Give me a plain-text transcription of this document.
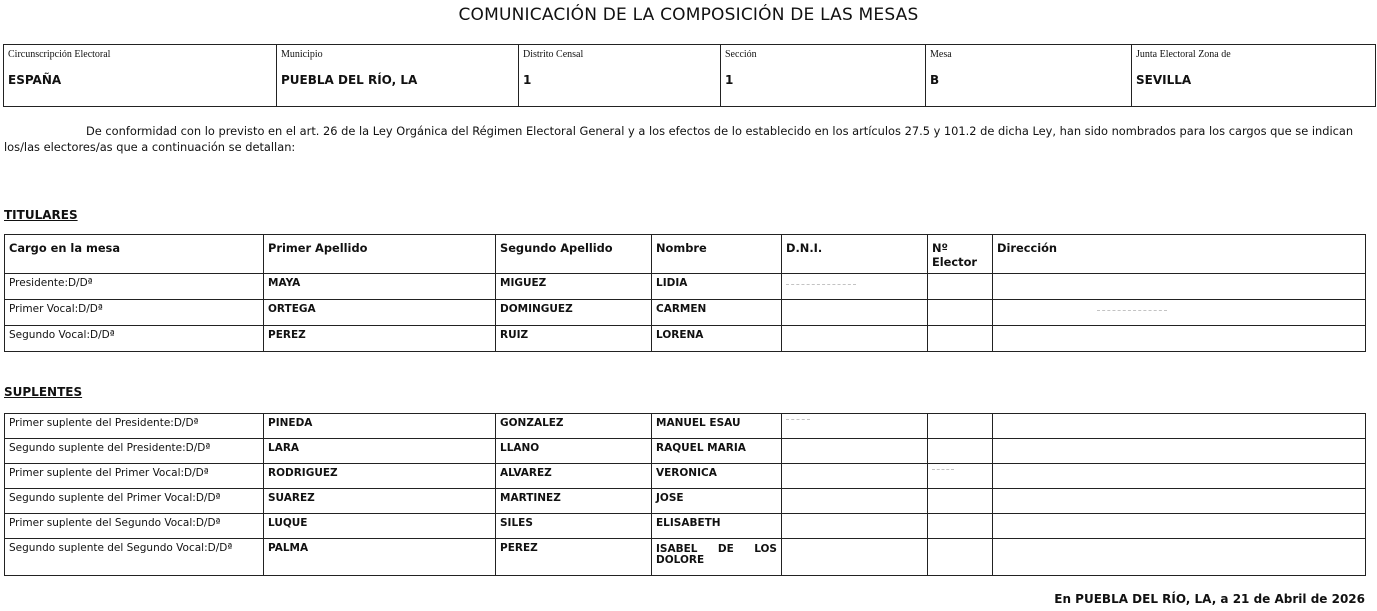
COMUNICACIÓN DE LA COMPOSICIÓN DE LAS MESAS
Circunscripción Electoral
ESPAÑA

Municipio
PUEBLA DEL RÍO, LA

Distrito Censal
1

Sección
1

Mesa
B

Junta Electoral Zona de
SEVILLA

De conformidad con lo previsto en el art. 26 de la Ley Orgánica del Régimen Electoral General y a los efectos de lo establecido en los artículos 27.5 y 101.2 de dicha Ley, han sido nombrados para los cargos que se indican los/las electores/as que a continuación se detallan:

TITULARES
Cargo en la mesa	Primer Apellido	Segundo Apellido	Nombre	D.N.I.	Nº Elector	Dirección
Presidente:D/Dª	MAYA	MIGUEZ	LIDIA	

Primer Vocal:D/Dª	ORTEGA	DOMINGUEZ	CARMEN			

Segundo Vocal:D/Dª	PEREZ	RUIZ	LORENA			
SUPLENTES
Primer suplente del Presidente:D/Dª	PINEDA	GONZALEZ	MANUEL ESAU	

Segundo suplente del Presidente:D/Dª	LARA	LLANO	RAQUEL MARIA			
Primer suplente del Primer Vocal:D/Dª	RODRIGUEZ	ALVAREZ	VERONICA		

Segundo suplente del Primer Vocal:D/Dª	SUAREZ	MARTINEZ	JOSE			
Primer suplente del Segundo Vocal:D/Dª	LUQUE	SILES	ELISABETH			
Segundo suplente del Segundo Vocal:D/Dª	PALMA	PEREZ	ISABEL DE LOS DOLORE			
En PUEBLA DEL RÍO, LA, a 21 de Abril de 2026
